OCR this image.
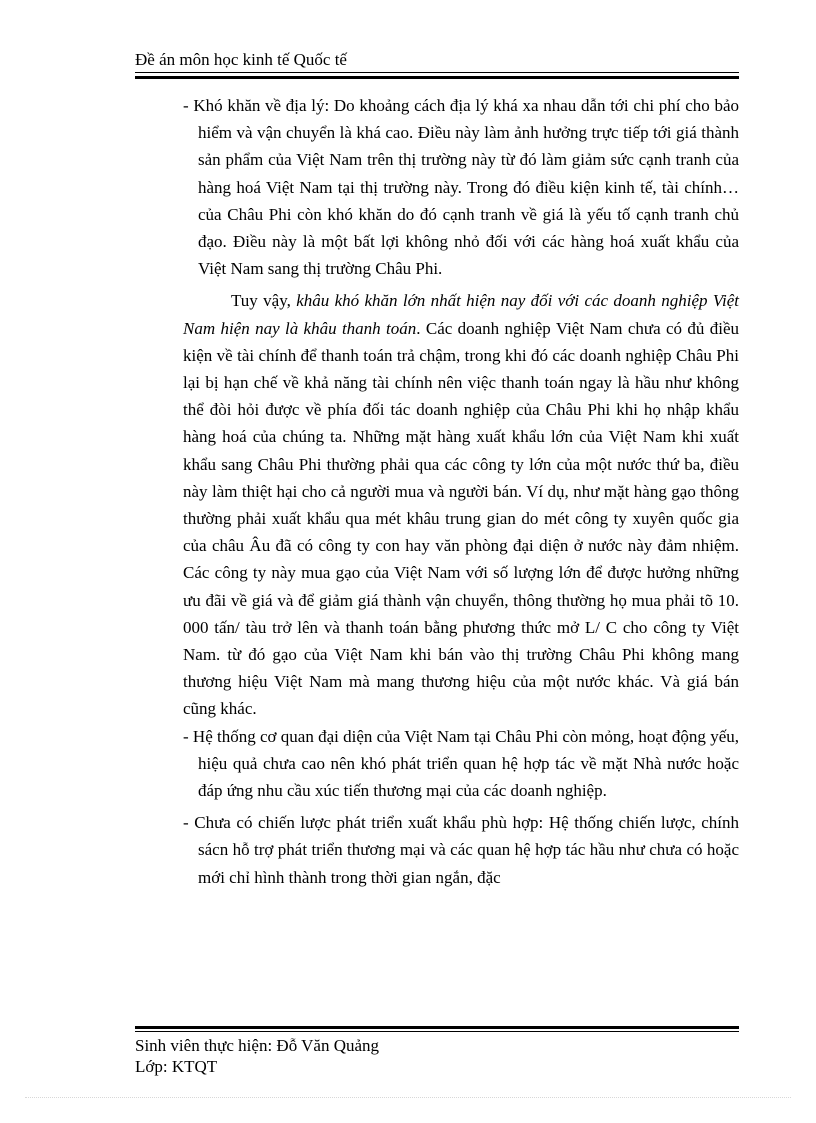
Đề án môn học kinh tế Quốc tế

- Khó khăn về địa lý: Do khoảng cách địa lý khá xa nhau dẫn tới chi phí cho bảo hiểm và vận chuyển là khá cao. Điều này làm ảnh hưởng trực tiếp tới giá thành sản phẩm của Việt Nam trên thị trường này từ đó làm giảm sức cạnh tranh của hàng hoá Việt Nam tại thị trường này. Trong đó điều kiện kinh tế, tài chính… của Châu Phi còn khó khăn do đó cạnh tranh về giá là yếu tố cạnh tranh chủ đạo. Điều này là một bất lợi không nhỏ đối với các hàng hoá xuất khẩu của Việt Nam sang thị trường Châu Phi.

Tuy vậy, khâu khó khăn lớn nhất hiện nay đối với các doanh nghiệp Việt Nam hiện nay là khâu thanh toán. Các doanh nghiệp Việt Nam chưa có đủ điều kiện về tài chính để thanh toán trả chậm, trong khi đó các doanh nghiệp Châu Phi lại bị hạn chế về khả năng tài chính nên việc thanh toán ngay là hầu như không thể đòi hỏi được về phía đối tác doanh nghiệp của Châu Phi khi họ nhập khẩu hàng hoá của chúng ta. Những mặt hàng xuất khẩu lớn của Việt Nam khi xuất khẩu sang Châu Phi thường phải qua các công ty lớn của một nước thứ ba, điều này làm thiệt hại cho cả người mua và người bán. Ví dụ, như mặt hàng gạo thông thường phải xuất khẩu qua mét khâu trung gian do mét công ty xuyên quốc gia của châu Âu đã có công ty con hay văn phòng đại diện ở nước này đảm nhiệm. Các công ty này mua gạo của Việt Nam với số lượng lớn để được hưởng những ưu đãi về giá và để giảm giá thành vận chuyển, thông thường họ mua phải tõ 10. 000 tấn/ tàu trở lên và thanh toán bằng phương thức mở L/ C cho công ty Việt Nam. từ đó gạo của Việt Nam khi bán vào thị trường Châu Phi không mang thương hiệu Việt Nam mà mang thương hiệu của một nước khác. Và giá bán cũng khác.

- Hệ thống cơ quan đại diện của Việt Nam tại Châu Phi còn mỏng, hoạt động yếu, hiệu quả chưa cao nên khó phát triển quan hệ hợp tác về mặt Nhà nước hoặc đáp ứng nhu cầu xúc tiến thương mại của các doanh nghiệp.

- Chưa có chiến lược phát triển xuất khẩu phù hợp: Hệ thống chiến lược, chính sácn hỗ trợ phát triển thương mại và các quan hệ hợp tác hầu như chưa có hoặc mới chỉ hình thành trong thời gian ngắn, đặc

Sinh viên thực hiện: Đỗ Văn Quảng
Lớp: KTQT
